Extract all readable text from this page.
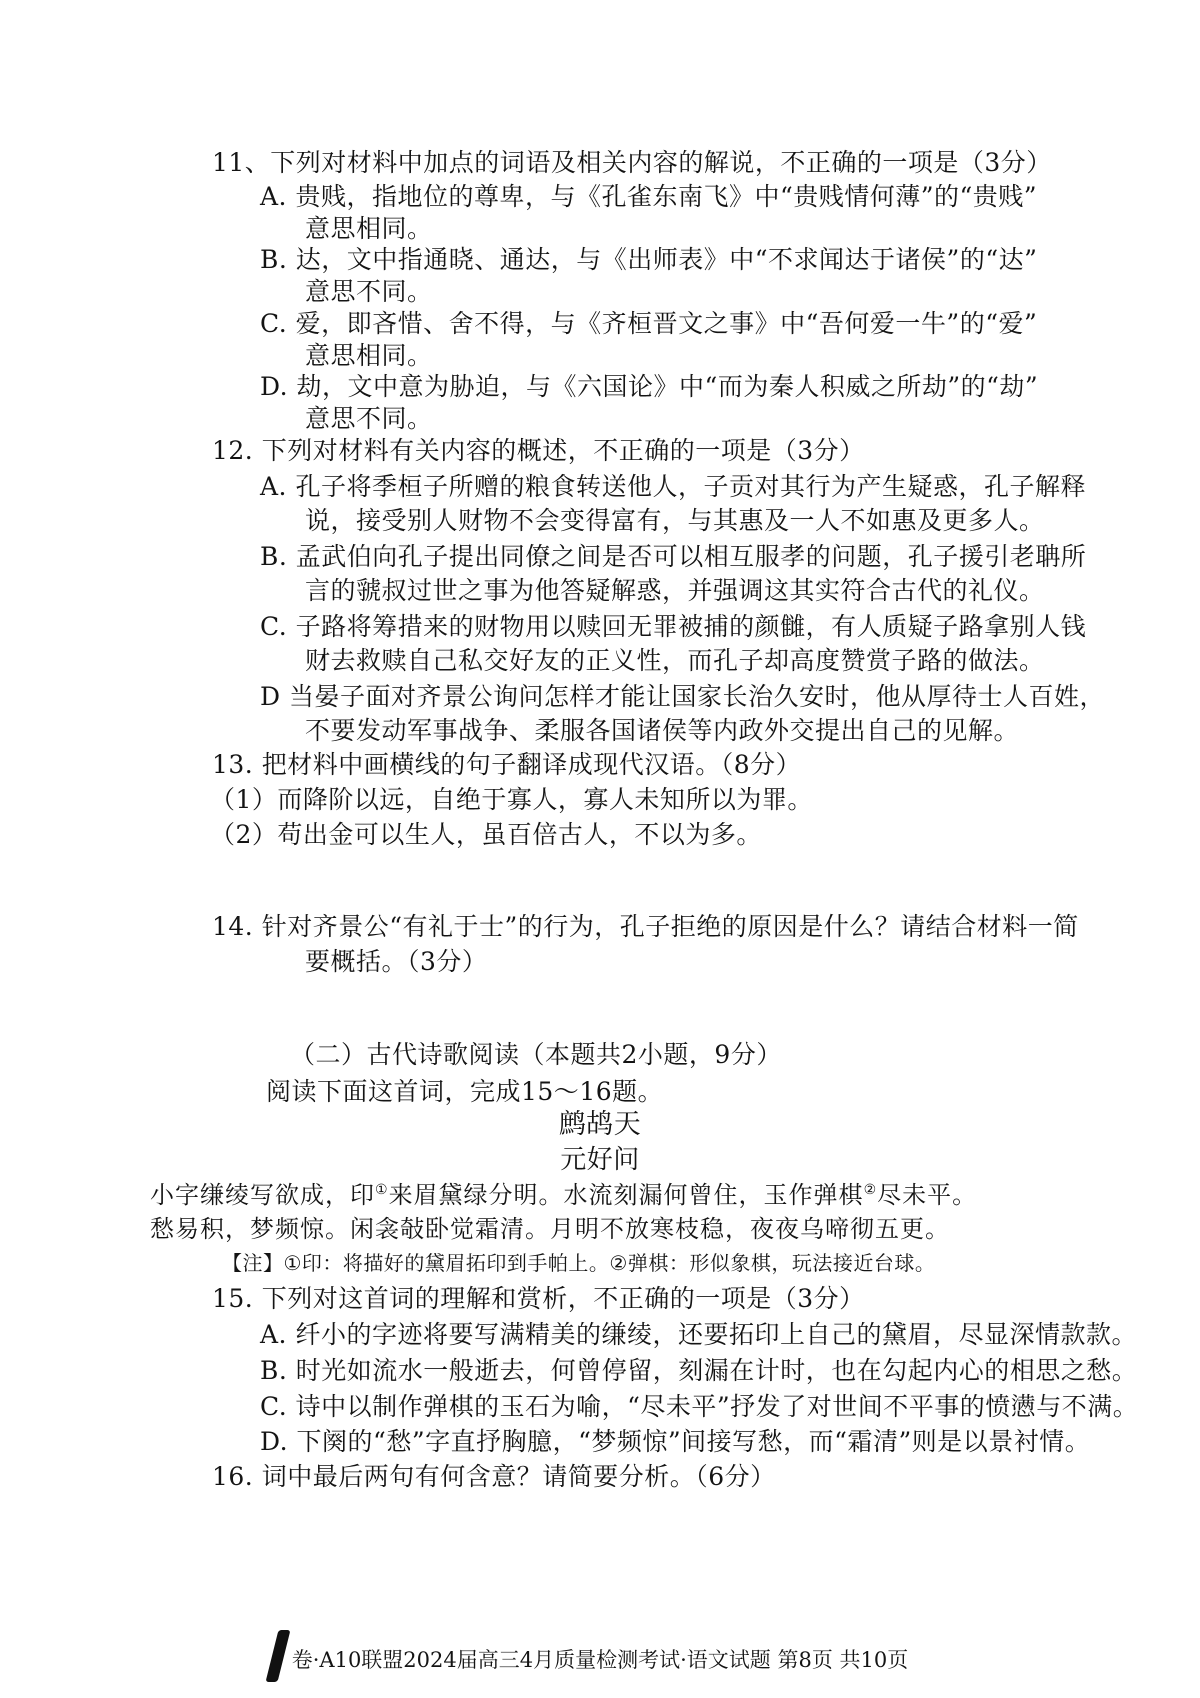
11、下列对材料中加点的词语及相关内容的解说，不正确的一项是（3分）
A. 贵贱，指地位的尊卑，与《孔雀东南飞》中“贵贱情何薄”的“贵贱”
意思相同。
B. 达，文中指通晓、通达，与《出师表》中“不求闻达于诸侯”的“达”
意思不同。
C. 爱，即吝惜、舍不得，与《齐桓晋文之事》中“吾何爱一牛”的“爱”
意思相同。
D. 劫，文中意为胁迫，与《六国论》中“而为秦人积威之所劫”的“劫”
意思不同。
12. 下列对材料有关内容的概述，不正确的一项是（3分）
A. 孔子将季桓子所赠的粮食转送他人，子贡对其行为产生疑惑，孔子解释
说，接受别人财物不会变得富有，与其惠及一人不如惠及更多人。
B. 孟武伯向孔子提出同僚之间是否可以相互服孝的问题，孔子援引老聃所
言的虢叔过世之事为他答疑解惑，并强调这其实符合古代的礼仪。
C. 子路将筹措来的财物用以赎回无罪被捕的颜雠，有人质疑子路拿别人钱
财去救赎自己私交好友的正义性，而孔子却高度赞赏子路的做法。
D 当晏子面对齐景公询问怎样才能让国家长治久安时，他从厚待士人百姓，
不要发动军事战争、柔服各国诸侯等内政外交提出自己的见解。
13. 把材料中画横线的句子翻译成现代汉语。（8分）
（1）而降阶以远，自绝于寡人，寡人未知所以为罪。
（2）苟出金可以生人，虽百倍古人，不以为多。
14. 针对齐景公“有礼于士”的行为，孔子拒绝的原因是什么？请结合材料一简
要概括。（3分）
（二）古代诗歌阅读（本题共2小题，9分）
阅读下面这首词，完成15～16题。
鹧鸪天
元好问
小字缣绫写欲成，印①来眉黛绿分明。水流刻漏何曾住，玉作弹棋②尽未平。
愁易积，梦频惊。闲衾敧卧觉霜清。月明不放寒枝稳，夜夜乌啼彻五更。
【注】①印：将描好的黛眉拓印到手帕上。②弹棋：形似象棋，玩法接近台球。
15. 下列对这首词的理解和赏析，不正确的一项是（3分）
A. 纤小的字迹将要写满精美的缣绫，还要拓印上自己的黛眉，尽显深情款款。
B. 时光如流水一般逝去，何曾停留，刻漏在计时，也在勾起内心的相思之愁。
C. 诗中以制作弹棋的玉石为喻，“尽未平”抒发了对世间不平事的愤懑与不满。
D. 下阕的“愁”字直抒胸臆，“梦频惊”间接写愁，而“霜清”则是以景衬情。
16. 词中最后两句有何含意？请简要分析。（6分）
卷·A10联盟2024届高三4月质量检测考试·语文试题 第8页 共10页
